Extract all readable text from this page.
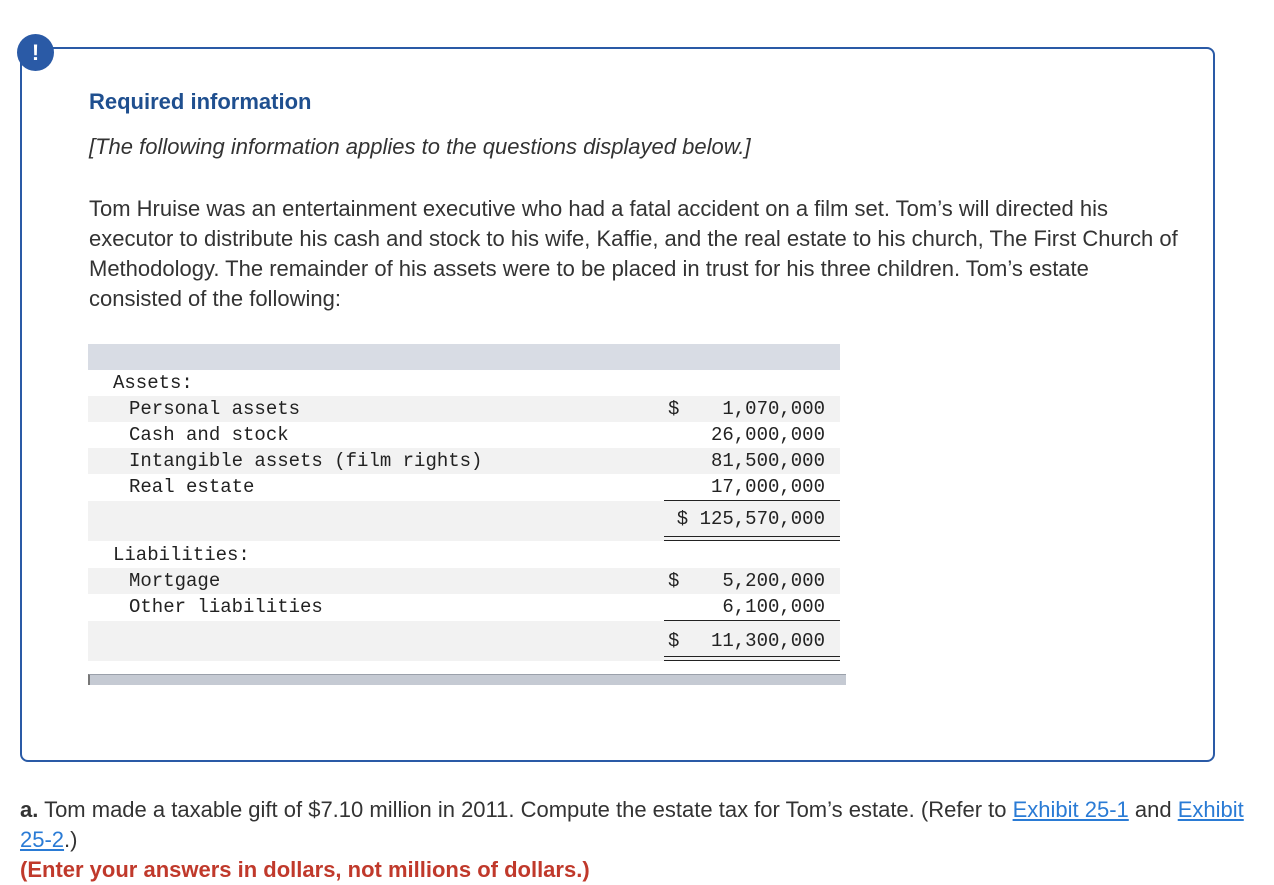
!
Required information
[The following information applies to the questions displayed below.]

Tom Hruise was an entertainment executive who had a fatal accident on a film set. Tom’s will directed his executor to distribute his cash and stock to his wife, Kaffie, and the real estate to his church, The First Church of Methodology. The remainder of his assets were to be placed in trust for his three children. Tom’s estate consisted of the following:

Assets:
Personal assets	$ 1,070,000
Cash and stock	26,000,000
Intangible assets (film rights)	81,500,000
Real estate	17,000,000
$ 125,570,000
Liabilities:
Mortgage	$ 5,200,000
Other liabilities	6,100,000
$ 11,300,000

a. Tom made a taxable gift of $7.10 million in 2011. Compute the estate tax for Tom’s estate. (Refer to Exhibit 25-1 and Exhibit 25-2.)

(Enter your answers in dollars, not millions of dollars.)
